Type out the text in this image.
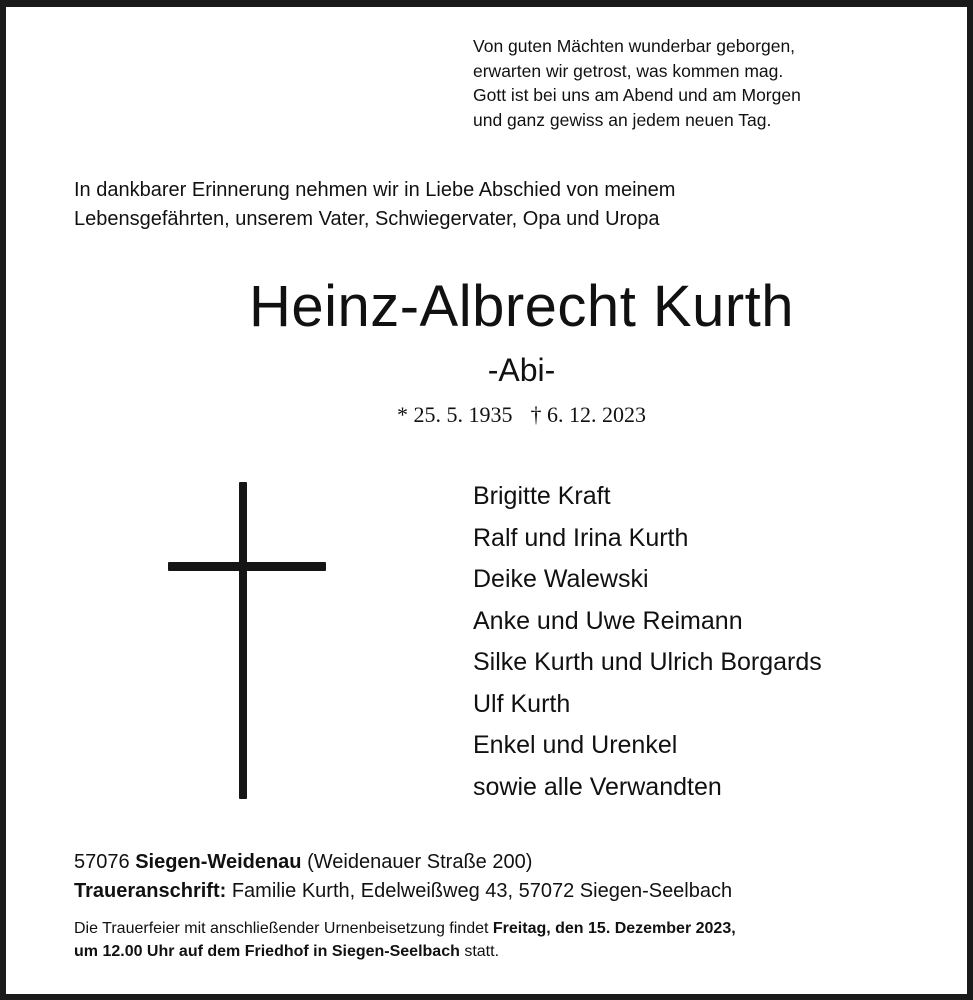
Von guten Mächten wunderbar geborgen,
erwarten wir getrost, was kommen mag.
Gott ist bei uns am Abend und am Morgen
und ganz gewiss an jedem neuen Tag.
In dankbarer Erinnerung nehmen wir in Liebe Abschied von meinem
Lebensgefährten, unserem Vater, Schwiegervater, Opa und Uropa
Heinz-Albrecht Kurth
-Abi-
* 25. 5. 1935 † 6. 12. 2023
Brigitte Kraft
Ralf und Irina Kurth
Deike Walewski
Anke und Uwe Reimann
Silke Kurth und Ulrich Borgards
Ulf Kurth
Enkel und Urenkel
sowie alle Verwandten
57076 Siegen-Weidenau (Weidenauer Straße 200)
Traueranschrift: Familie Kurth, Edelweißweg 43, 57072 Siegen-Seelbach
Die Trauerfeier mit anschließender Urnenbeisetzung findet Freitag, den 15. Dezember 2023,
um 12.00 Uhr auf dem Friedhof in Siegen-Seelbach statt.
